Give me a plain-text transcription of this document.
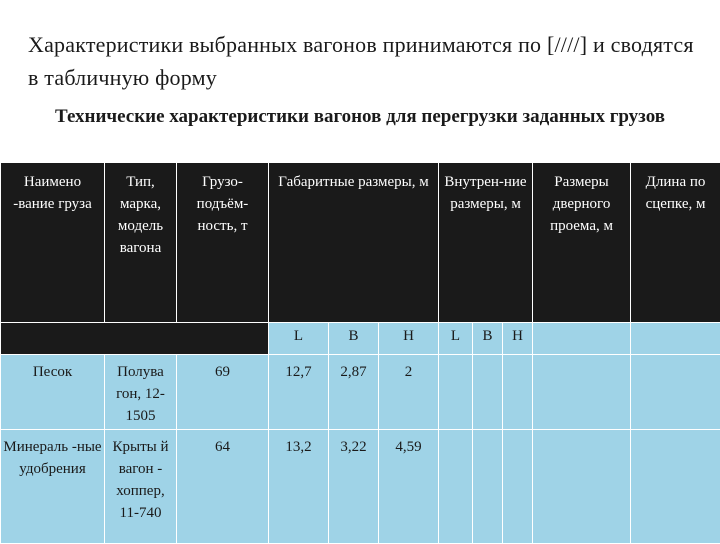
Характеристики выбранных вагонов принимаются по [////] и сводятся в табличную форму
Технические характеристики вагонов для перегрузки заданных грузов
Наимено -вание груза	Тип, марка, модель вагона	Грузо-подъём-ность, т	Габаритные размеры, м			Внутрен-ние размеры, м			Размеры дверного проема, м	Длина по сцепке, м
			L	B	H	L	B	H		
Песок	Полува гон, 12-1505	69	12,7	2,87	2					
Минераль -ные удобрения	Крыты й вагон - хоппер, 11-740	64	13,2	3,22	4,59					
